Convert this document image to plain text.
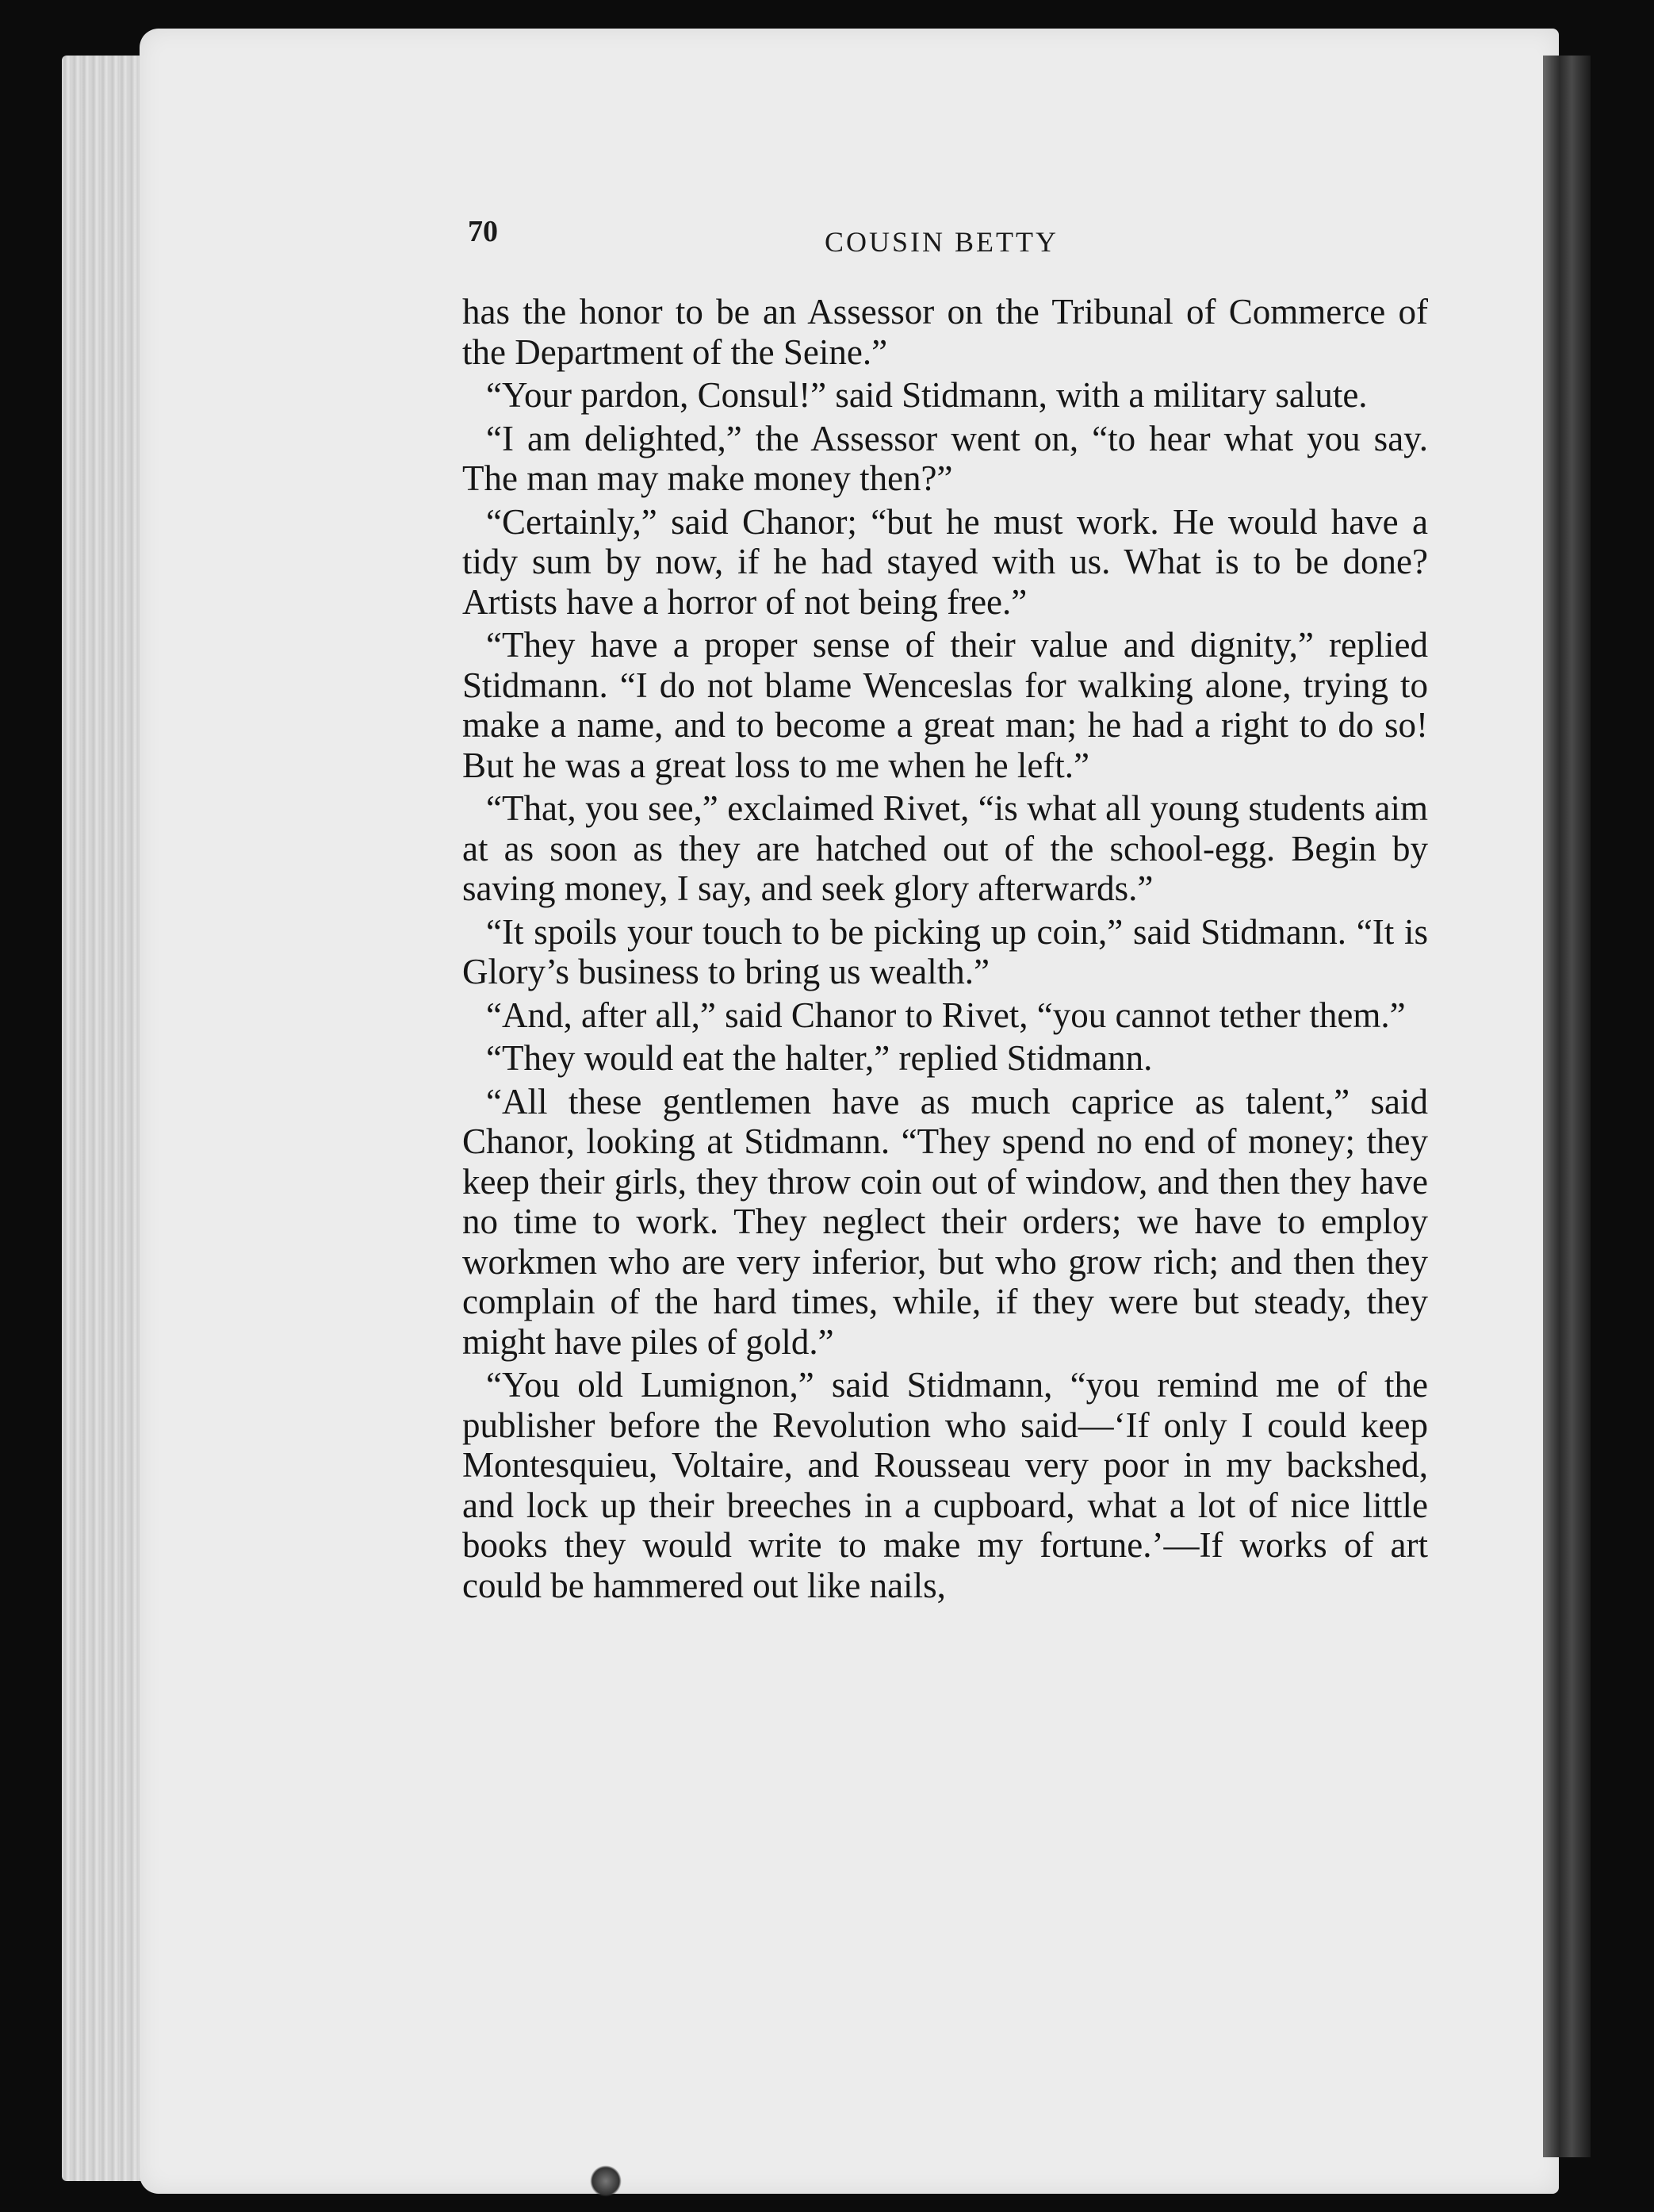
70	COUSIN BETTY

has the honor to be an Assessor on the Tribunal of Commerce of the Department of the Seine.”

“Your pardon, Consul!” said Stidmann, with a military salute.

“I am delighted,” the Assessor went on, “to hear what you say. The man may make money then?”

“Certainly,” said Chanor; “but he must work. He would have a tidy sum by now, if he had stayed with us. What is to be done? Artists have a horror of not being free.”

“They have a proper sense of their value and dignity,” replied Stidmann. “I do not blame Wenceslas for walking alone, trying to make a name, and to become a great man; he had a right to do so! But he was a great loss to me when he left.”

“That, you see,” exclaimed Rivet, “is what all young students aim at as soon as they are hatched out of the school-egg. Begin by saving money, I say, and seek glory afterwards.”

“It spoils your touch to be picking up coin,” said Stidmann. “It is Glory’s business to bring us wealth.”

“And, after all,” said Chanor to Rivet, “you cannot tether them.”

“They would eat the halter,” replied Stidmann.

“All these gentlemen have as much caprice as talent,” said Chanor, looking at Stidmann. “They spend no end of money; they keep their girls, they throw coin out of window, and then they have no time to work. They neglect their orders; we have to employ workmen who are very inferior, but who grow rich; and then they complain of the hard times, while, if they were but steady, they might have piles of gold.”

“You old Lumignon,” said Stidmann, “you remind me of the publisher before the Revolution who said—‘If only I could keep Montesquieu, Voltaire, and Rousseau very poor in my backshed, and lock up their breeches in a cupboard, what a lot of nice little books they would write to make my fortune.’—If works of art could be hammered out like nails,
